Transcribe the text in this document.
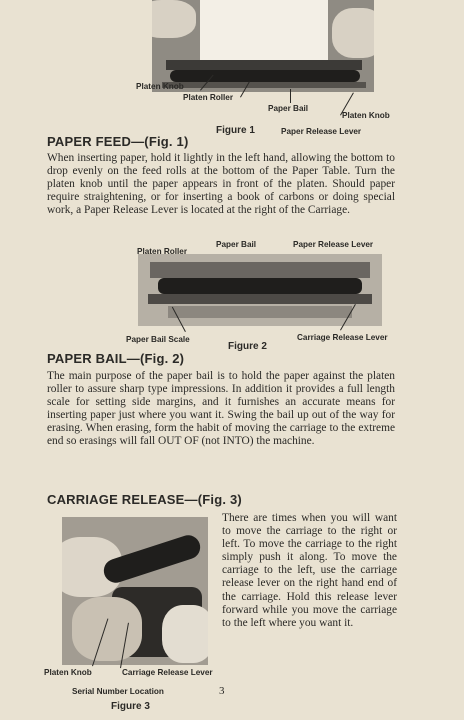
Platen Knob
Platen Roller
Paper Bail
Platen Knob
Figure 1	Paper Release Lever
PAPER FEED—(Fig. 1)

When inserting paper, hold it lightly in the left hand, allowing the bottom to drop evenly on the feed rolls at the bottom of the Paper Table. Turn the platen knob until the paper appears in front of the platen. Should paper require straightening, or for inserting a book of carbons or doing special work, a Paper Release Lever is located at the right of the Carriage.

Platen Roller
Paper Bail	Paper Release Lever
Paper Bail Scale	Carriage Release Lever
Figure 2
PAPER BAIL—(Fig. 2)

The main purpose of the paper bail is to hold the paper against the platen roller to assure sharp type impressions. In addition it provides a full length scale for setting side margins, and it furnishes an accurate means for inserting paper just where you want it. Swing the bail up out of the way for erasing. When erasing, form the habit of moving the carriage to the extreme end so erasings will fall OUT OF (not INTO) the machine.

CARRIAGE RELEASE—(Fig. 3)

There are times when you will want to move the carriage to the right or left. To move the carriage to the right simply push it along. To move the carriage to the left, use the carriage release lever on the right hand end of the carriage. Hold this release lever forward while you move the carriage to the left where you want it.

Platen Knob	Carriage Release Lever
Serial Number Location	3
Figure 3
